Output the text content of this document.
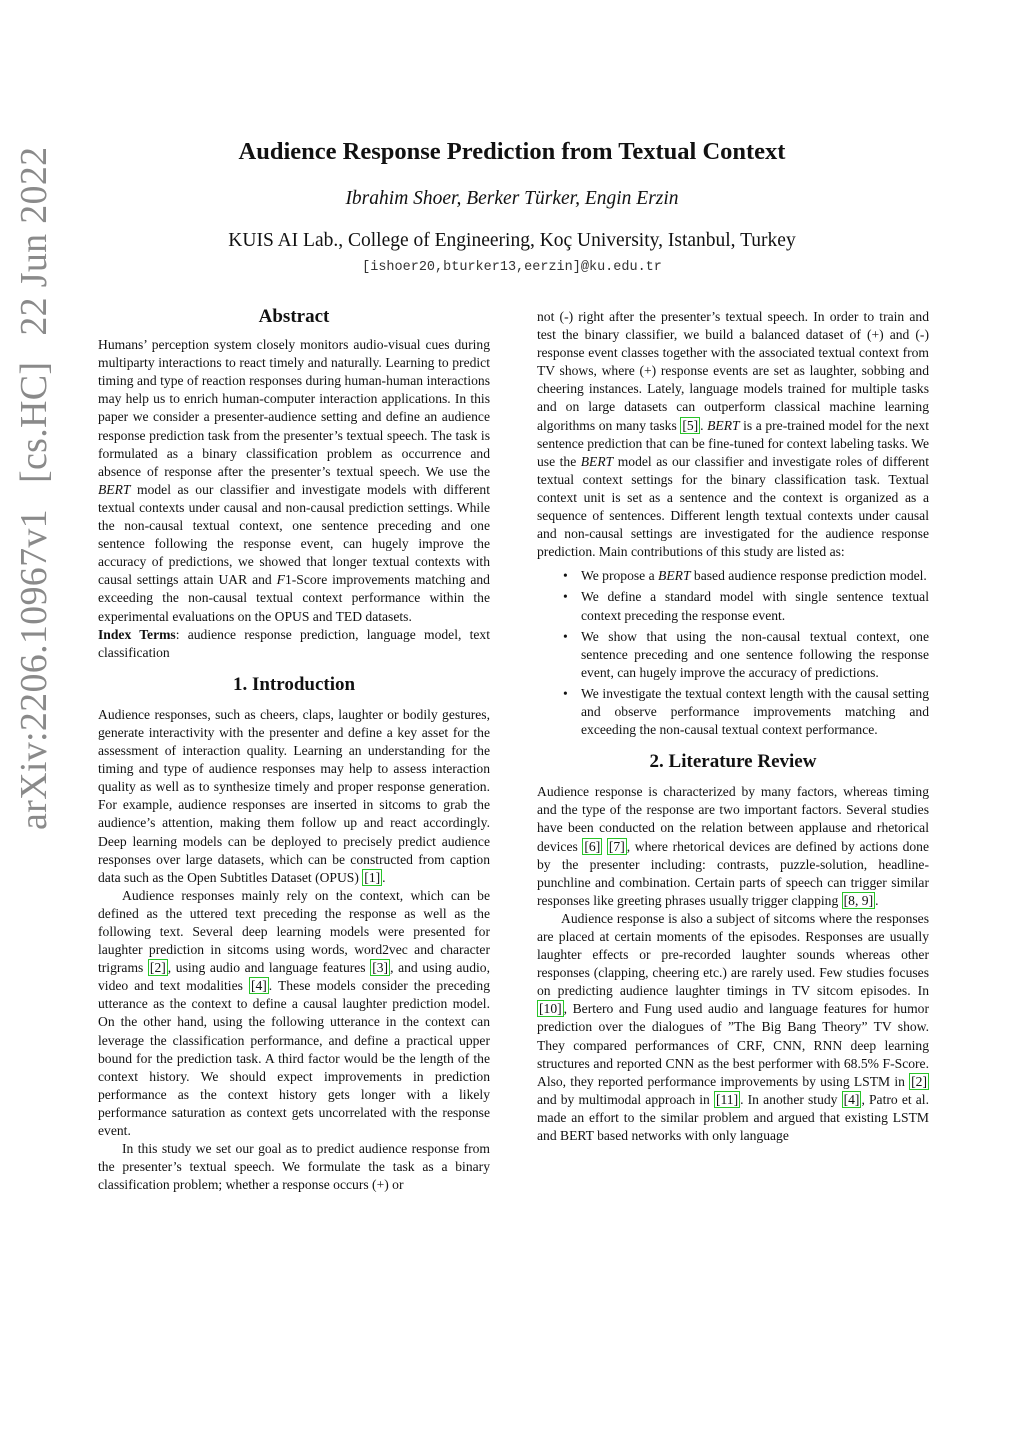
arXiv:2206.10967v1[cs.HC]22 Jun 2022	Audience Response Prediction from Textual Context
Ibrahim Shoer, Berker Türker, Engin Erzin
KUIS AI Lab., College of Engineering, Koç University, Istanbul, Turkey
[ishoer20,bturker13,eerzin]@ku.edu.tr
Abstract

Humans’ perception system closely monitors audio-visual cues during multiparty interactions to react timely and naturally. Learning to predict timing and type of reaction responses during human-human interactions may help us to enrich human-computer interaction applications. In this paper we consider a presenter-audience setting and define an audience response prediction task from the presenter’s textual speech. The task is formulated as a binary classification problem as occurrence and absence of response after the presenter’s textual speech. We use the BERT model as our classifier and investigate models with different textual contexts under causal and non-causal prediction settings. While the non-causal textual context, one sentence preceding and one sentence following the response event, can hugely improve the accuracy of predictions, we showed that longer textual contexts with causal settings attain UAR and F1-Score improvements matching and exceeding the non-causal textual context performance within the experimental evaluations on the OPUS and TED datasets.

Index Terms: audience response prediction, language model, text classification

1. Introduction

Audience responses, such as cheers, claps, laughter or bodily gestures, generate interactivity with the presenter and define a key asset for the assessment of interaction quality. Learning an understanding for the timing and type of audience responses may help to assess interaction quality as well as to synthesize timely and proper response generation. For example, audience responses are inserted in sitcoms to grab the audience’s attention, making them follow up and react accordingly. Deep learning models can be deployed to precisely predict audience responses over large datasets, which can be constructed from caption data such as the Open Subtitles Dataset (OPUS) [1] .

Audience responses mainly rely on the context, which can be defined as the uttered text preceding the response as well as the following text. Several deep learning models were presented for laughter prediction in sitcoms using words, word2vec and character trigrams [2] , using audio and language features [3] , and using audio, video and text modalities [4] . These models consider the preceding utterance as the context to define a causal laughter prediction model. On the other hand, using the following utterance in the context can leverage the classification performance, and define a practical upper bound for the prediction task. A third factor would be the length of the context history. We should expect improvements in prediction performance as the context history gets longer with a likely performance saturation as context gets uncorrelated with the response event.

In this study we set our goal as to predict audience response from the presenter’s textual speech. We formulate the task as a binary classification problem; whether a response occurs (+) or

not (-) right after the presenter’s textual speech. In order to train and test the binary classifier, we build a balanced dataset of (+) and (-) response event classes together with the associated textual context from TV shows, where (+) response events are set as laughter, sobbing and cheering instances. Lately, language models trained for multiple tasks and on large datasets can outperform classical machine learning algorithms on many tasks [5] . BERT is a pre-trained model for the next sentence prediction that can be fine-tuned for context labeling tasks. We use the BERT model as our classifier and investigate roles of different textual context settings for the binary classification task. Textual context unit is set as a sentence and the context is organized as a sequence of sentences. Different length textual contexts under causal and non-causal settings are investigated for the audience response prediction. Main contributions of this study are listed as:

• We propose a BERT based audience response prediction model.
• We define a standard model with single sentence textual context preceding the response event.
• We show that using the non-causal textual context, one sentence preceding and one sentence following the response event, can hugely improve the accuracy of predictions.
• We investigate the textual context length with the causal setting and observe performance improvements matching and exceeding the non-causal textual context performance.
2. Literature Review

Audience response is characterized by many factors, whereas timing and the type of the response are two important factors. Several studies have been conducted on the relation between applause and rhetorical devices [6] [7] , where rhetorical devices are defined by actions done by the presenter including: contrasts, puzzle-solution, headline-punchline and combination. Certain parts of speech can trigger similar responses like greeting phrases usually trigger clapping [8, 9] .

Audience response is also a subject of sitcoms where the responses are placed at certain moments of the episodes. Responses are usually laughter effects or pre-recorded laughter sounds whereas other responses (clapping, cheering etc.) are rarely used. Few studies focuses on predicting audience laughter timings in TV sitcom episodes. In [10] , Bertero and Fung used audio and language features for humor prediction over the dialogues of ”The Big Bang Theory” TV show. They compared performances of CRF, CNN, RNN deep learning structures and reported CNN as the best performer with 68.5% F-Score. Also, they reported performance improvements by using LSTM in [2] and by multimodal approach in [11] . In another study [4] , Patro et al. made an effort to the similar problem and argued that existing LSTM and BERT based networks with only language
